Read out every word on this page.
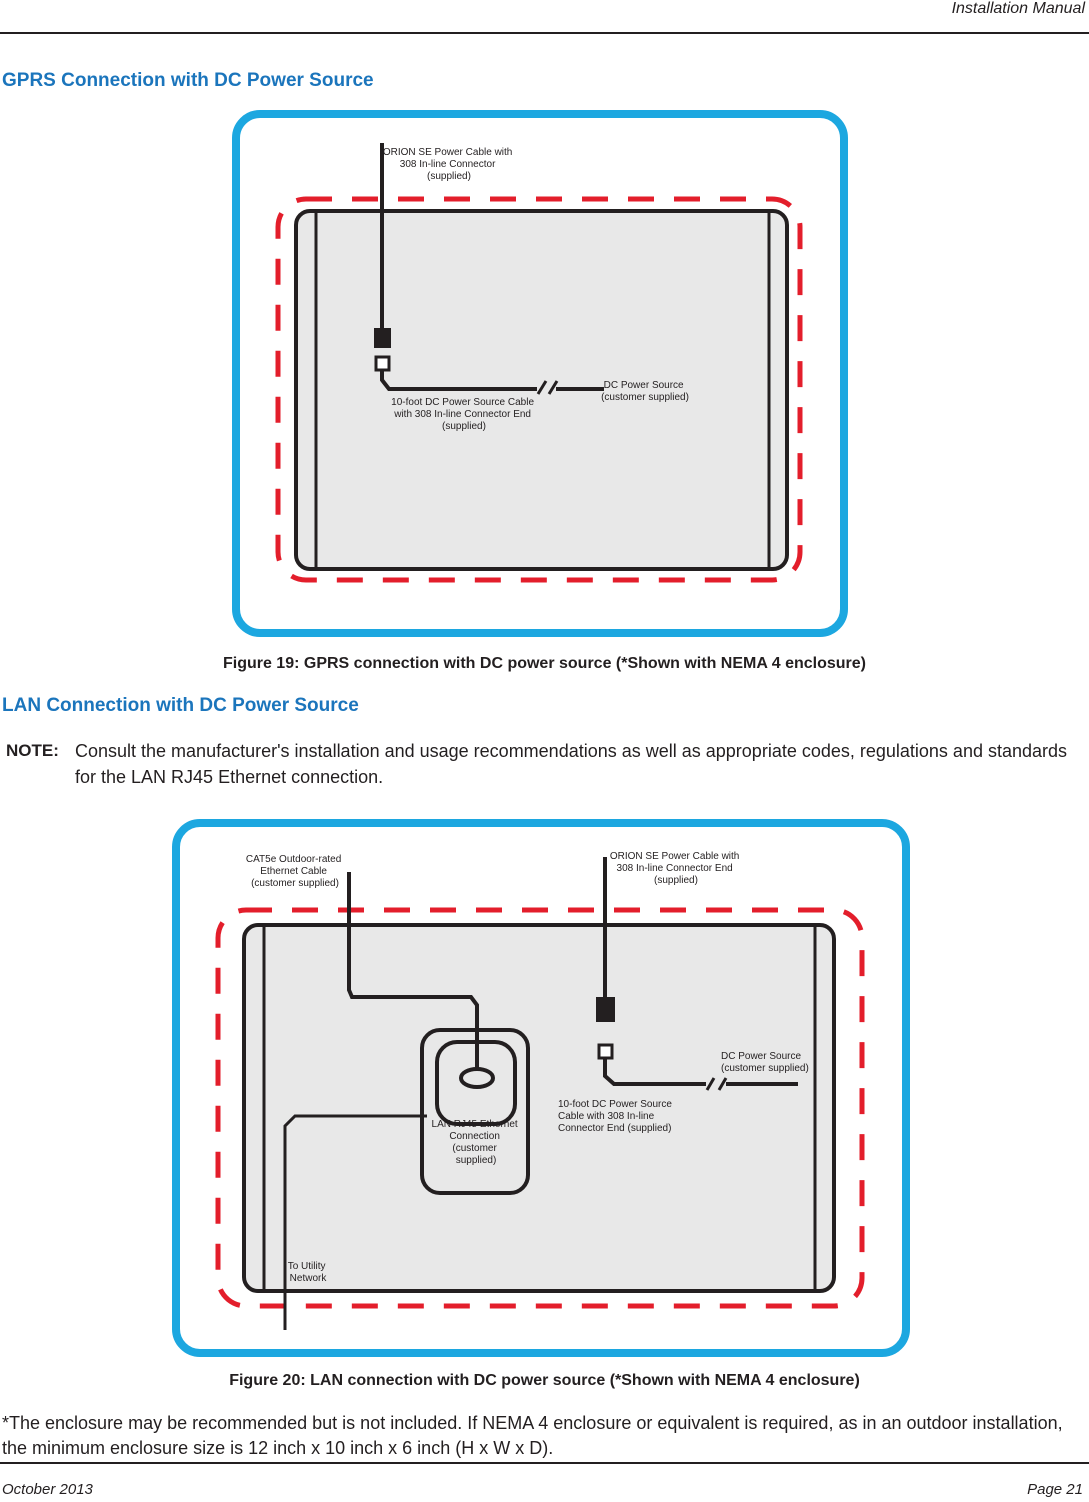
Installation Manual
GPRS Connection with DC Power Source
ORION SE Power Cable with 308 In-line Connector (supplied)
10-foot DC Power Source Cable with 308 In-line Connector End (supplied)
DC Power Source (customer supplied)
Figure 19: GPRS connection with DC power source (*Shown with NEMA 4 enclosure)
LAN Connection with DC Power Source
NOTE: Consult the manufacturer's installation and usage recommendations as well as appropriate codes, regulations and standards for the LAN RJ45 Ethernet connection.
CAT5e Outdoor-rated Ethernet Cable (customer supplied)
ORION SE Power Cable with 308 In-line Connector End (supplied)
DC Power Source (customer supplied)
10-foot DC Power Source Cable with 308 In-line Connector End (supplied)
LAN RJ45 Ethernet Connection (customer supplied)
To Utility Network
Figure 20: LAN connection with DC power source (*Shown with NEMA 4 enclosure)
*The enclosure may be recommended but is not included. If NEMA 4 enclosure or equivalent is required, as in an outdoor installation, the minimum enclosure size is 12 inch x 10 inch x 6 inch (H x W x D).
October 2013	Page 21
